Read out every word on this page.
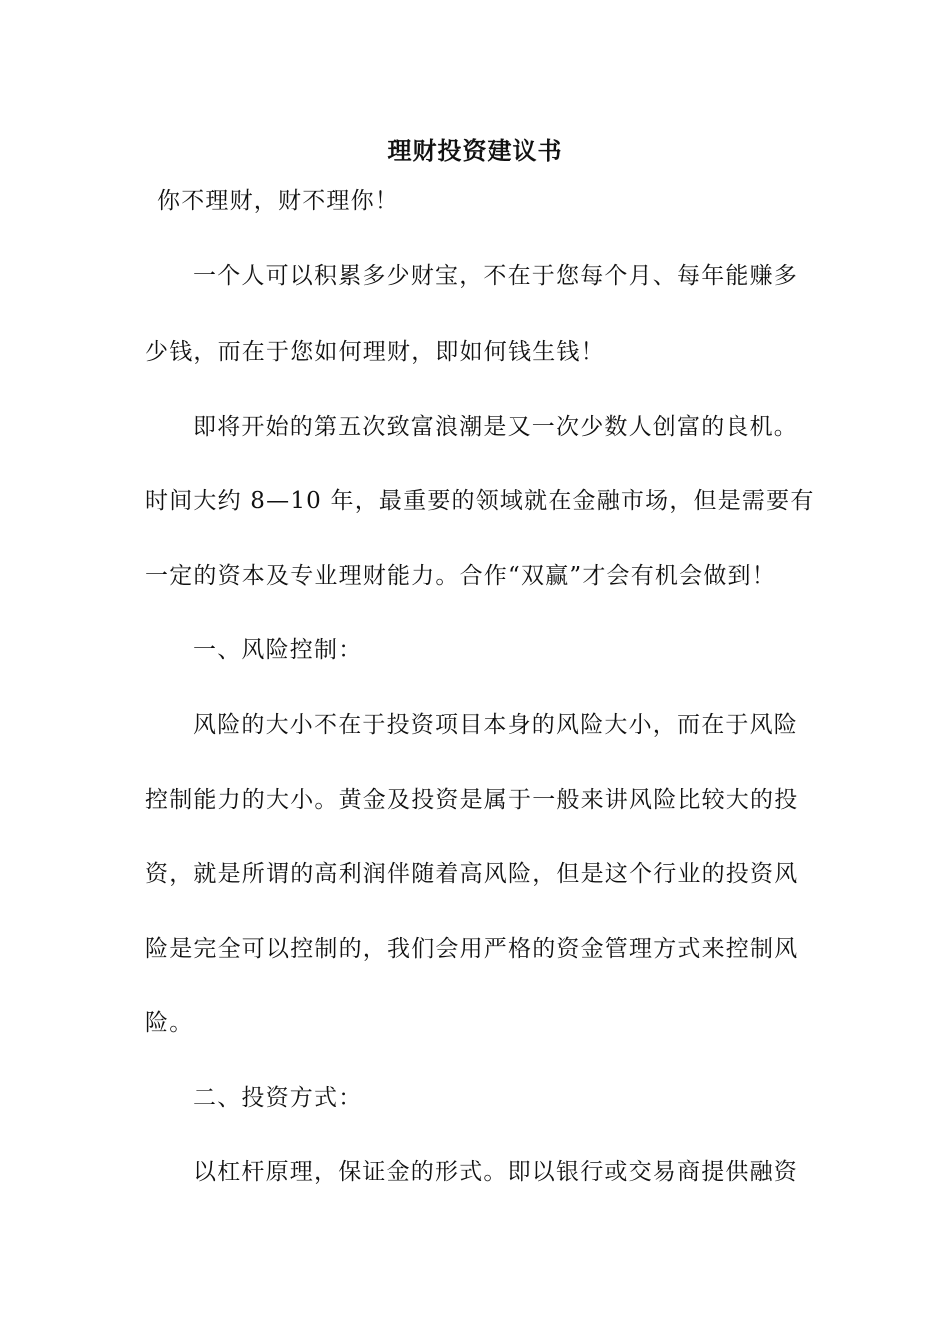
理财投资建议书
你不理财，财不理你！
一个人可以积累多少财宝，不在于您每个月、每年能赚多
少钱，而在于您如何理财，即如何钱生钱！
即将开始的第五次致富浪潮是又一次少数人创富的良机。
时间大约 8—10 年，最重要的领域就在金融市场，但是需要有
一定的资本及专业理财能力。合作“双赢”才会有机会做到！
一、风险控制：
风险的大小不在于投资项目本身的风险大小，而在于风险
控制能力的大小。黄金及投资是属于一般来讲风险比较大的投
资，就是所谓的高利润伴随着高风险，但是这个行业的投资风
险是完全可以控制的，我们会用严格的资金管理方式来控制风
险。
二、投资方式：
以杠杆原理，保证金的形式。即以银行或交易商提供融资
